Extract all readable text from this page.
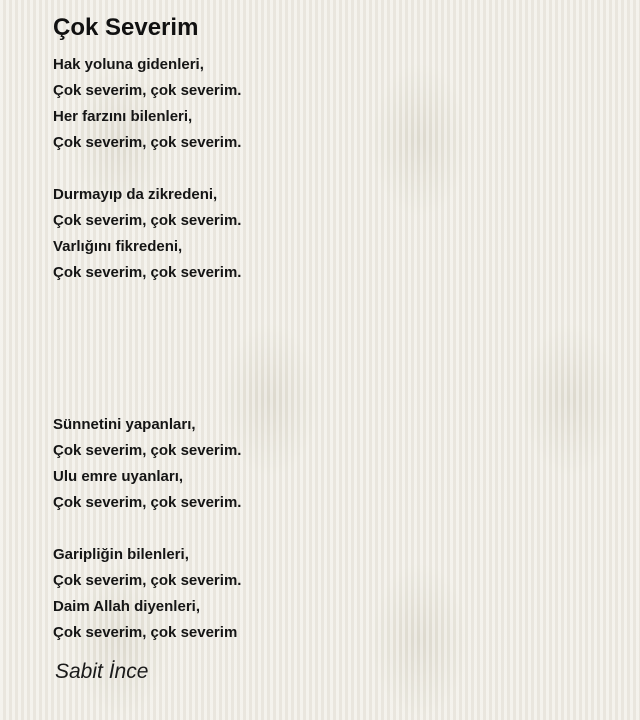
Çok Severim
Hak yoluna gidenleri,
Çok severim, çok severim.
Her farzını bilenleri,
Çok severim, çok severim.
Durmayıp da zikredeni,
Çok severim, çok severim.
Varlığını fikredeni,
Çok severim, çok severim.
Sünnetini yapanları,
Çok severim, çok severim.
Ulu emre uyanları,
Çok severim, çok severim.
Garipliğin bilenleri,
Çok severim, çok severim.
Daim Allah diyenleri,
Çok severim, çok severim
Sabit İnce
